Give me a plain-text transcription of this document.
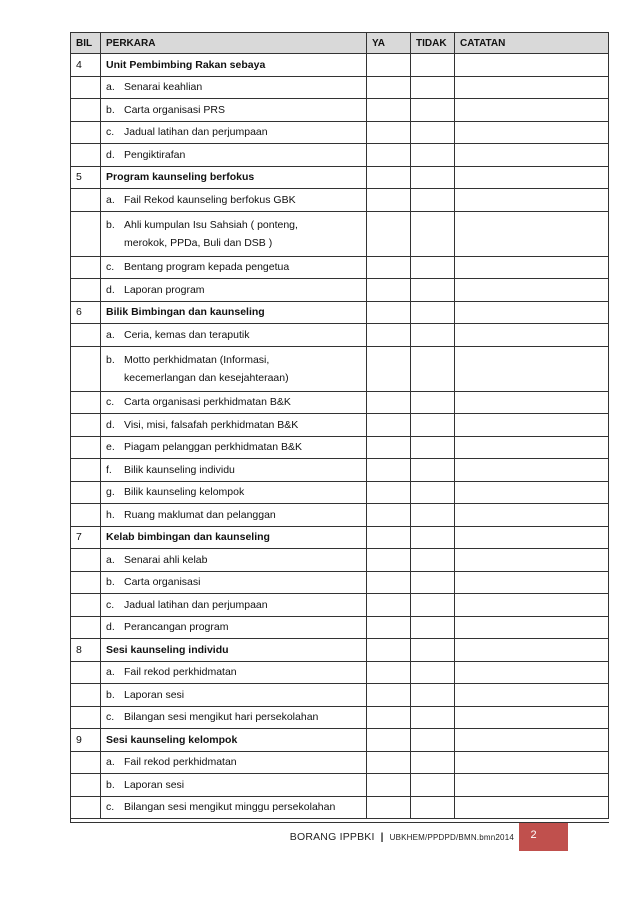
BIL	PERKARA	YA	TIDAK	CATATAN
4	Unit Pembimbing Rakan sebaya			
	a. Senarai keahlian			
	b. Carta organisasi PRS			
	c. Jadual latihan dan perjumpaan			
	d. Pengiktirafan			
5	Program kaunseling berfokus			
	a. Fail Rekod kaunseling berfokus GBK			

	b. Ahli kumpulan Isu Sahsiah ( ponteng,
merokok, PPDa, Buli dan DSB )			

	c. Bentang program kepada pengetua			
	d. Laporan program			
6	Bilik Bimbingan dan kaunseling			
	a. Ceria, kemas dan teraputik			

	b. Motto perkhidmatan (Informasi,
kecemerlangan dan kesejahteraan)			

	c. Carta organisasi perkhidmatan B&K			
	d. Visi, misi, falsafah perkhidmatan B&K			
	e. Piagam pelanggan perkhidmatan B&K			
	f. Bilik kaunseling individu			
	g. Bilik kaunseling kelompok			
	h. Ruang maklumat dan pelanggan			
7	Kelab bimbingan dan kaunseling			
	a. Senarai ahli kelab			
	b. Carta organisasi			
	c. Jadual latihan dan perjumpaan			
	d. Perancangan program			
8	Sesi kaunseling individu			
	a. Fail rekod perkhidmatan			
	b. Laporan sesi			
	c. Bilangan sesi mengikut hari persekolahan			
9	Sesi kaunseling kelompok			
	a. Fail rekod perkhidmatan			
	b. Laporan sesi			
	c. Bilangan sesi mengikut minggu persekolahan			

BORANG IPPBKI | UBKHEM/PPDPD/BMN.bmn2014	2
